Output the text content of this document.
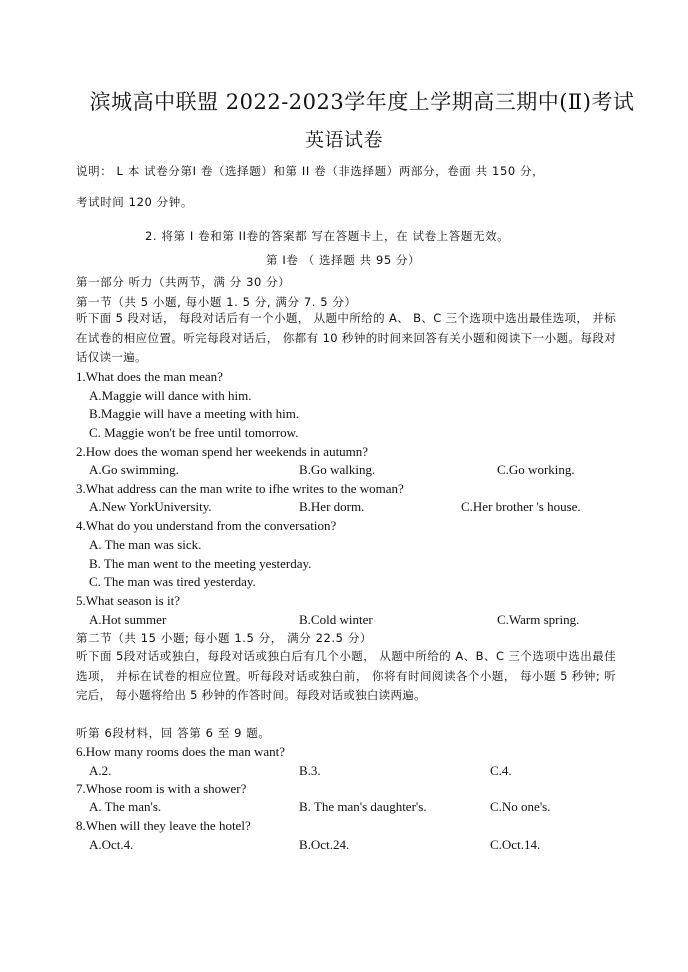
滨城高中联盟 2022-2023学年度上学期高三期中(Ⅱ)考试
英语试卷
说明： L 本 试卷分第I 卷（选择题）和第 II 卷（非选择题）两部分，卷面 共 150 分，
考试时间 120 分钟。
2. 将第 I 卷和第 II卷的答案都 写在答题卡上，在 试卷上答题无效。
第 I卷 （ 选择题 共 95 分）
第一部分 听力（共两节，满 分 30 分）
第一节（共 5 小题, 每小题 1. 5 分, 满分 7. 5 分）
听下面 5 段对话， 每段对话后有一个小题， 从题中所给的 A、 B、C 三个选项中选出最佳选项， 并标在试卷的相应位置。听完每段对话后， 你都有 10 秒钟的时间来回答有关小题和阅读下一小题。每段对话仅读一遍。
1.What does the man mean?
A.Maggie will dance with him.
B.Maggie will have a meeting with him.
C. Maggie won't be free until tomorrow.
2.How does the woman spend her weekends in autumn?
A.Go swimming.	B.Go walking.	C.Go working.
3.What address can the man write to ifhe writes to the woman?
A.New YorkUniversity.	B.Her dorm.	C.Her brother 's house.
4.What do you understand from the conversation?
A. The man was sick.
B. The man went to the meeting yesterday.
C. The man was tired yesterday.
5.What season is it?
A.Hot summer	B.Cold winter	C.Warm spring.
第二节（共 15 小题; 每小题 1.5 分， 满分 22.5 分）
听下面 5段对话或独白，每段对话或独白后有几个小题， 从题中所给的 A、B、C 三个选项中选出最佳选项， 并标在试卷的相应位置。听每段对话或独白前， 你将有时间阅读各个小题， 每小题 5 秒钟; 听完后， 每小题将给出 5 秒钟的作答时间。每段对话或独白读两遍。
听第 6段材料，回 答第 6 至 9 题。
6.How many rooms does the man want?
A.2.	B.3.	C.4.
7.Whose room is with a shower?
A. The man's.	B. The man's daughter's.	C.No one's.
8.When will they leave the hotel?
A.Oct.4.	B.Oct.24.	C.Oct.14.
